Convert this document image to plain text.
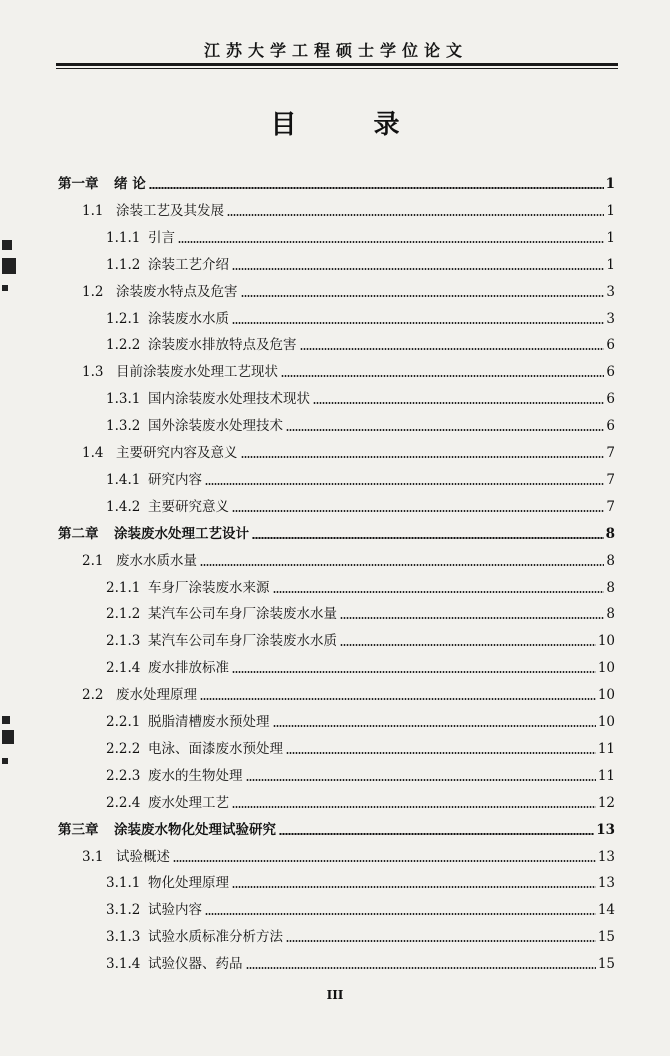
江苏大学工程硕士学位论文
目 录
第一章	绪 论	1
1.1 涂装工艺及其发展	1
1.1.1 引言	1
1.1.2 涂装工艺介绍	1
1.2 涂装废水特点及危害	3
1.2.1 涂装废水水质	3
1.2.2 涂装废水排放特点及危害	6
1.3 目前涂装废水处理工艺现状	6
1.3.1 国内涂装废水处理技术现状	6
1.3.2 国外涂装废水处理技术	6
1.4 主要研究内容及意义	7
1.4.1 研究内容	7
1.4.2 主要研究意义	7
第二章	涂装废水处理工艺设计	8
2.1 废水水质水量	8
2.1.1 车身厂涂装废水来源	8
2.1.2 某汽车公司车身厂涂装废水水量	8
2.1.3 某汽车公司车身厂涂装废水水质	10
2.1.4 废水排放标准	10
2.2 废水处理原理	10
2.2.1 脱脂清槽废水预处理	10
2.2.2 电泳、面漆废水预处理	11
2.2.3 废水的生物处理	11
2.2.4 废水处理工艺	12
第三章	涂装废水物化处理试验研究	13
3.1 试验概述	13
3.1.1 物化处理原理	13
3.1.2 试验内容	14
3.1.3 试验水质标准分析方法	15
3.1.4 试验仪器、药品	15
III
